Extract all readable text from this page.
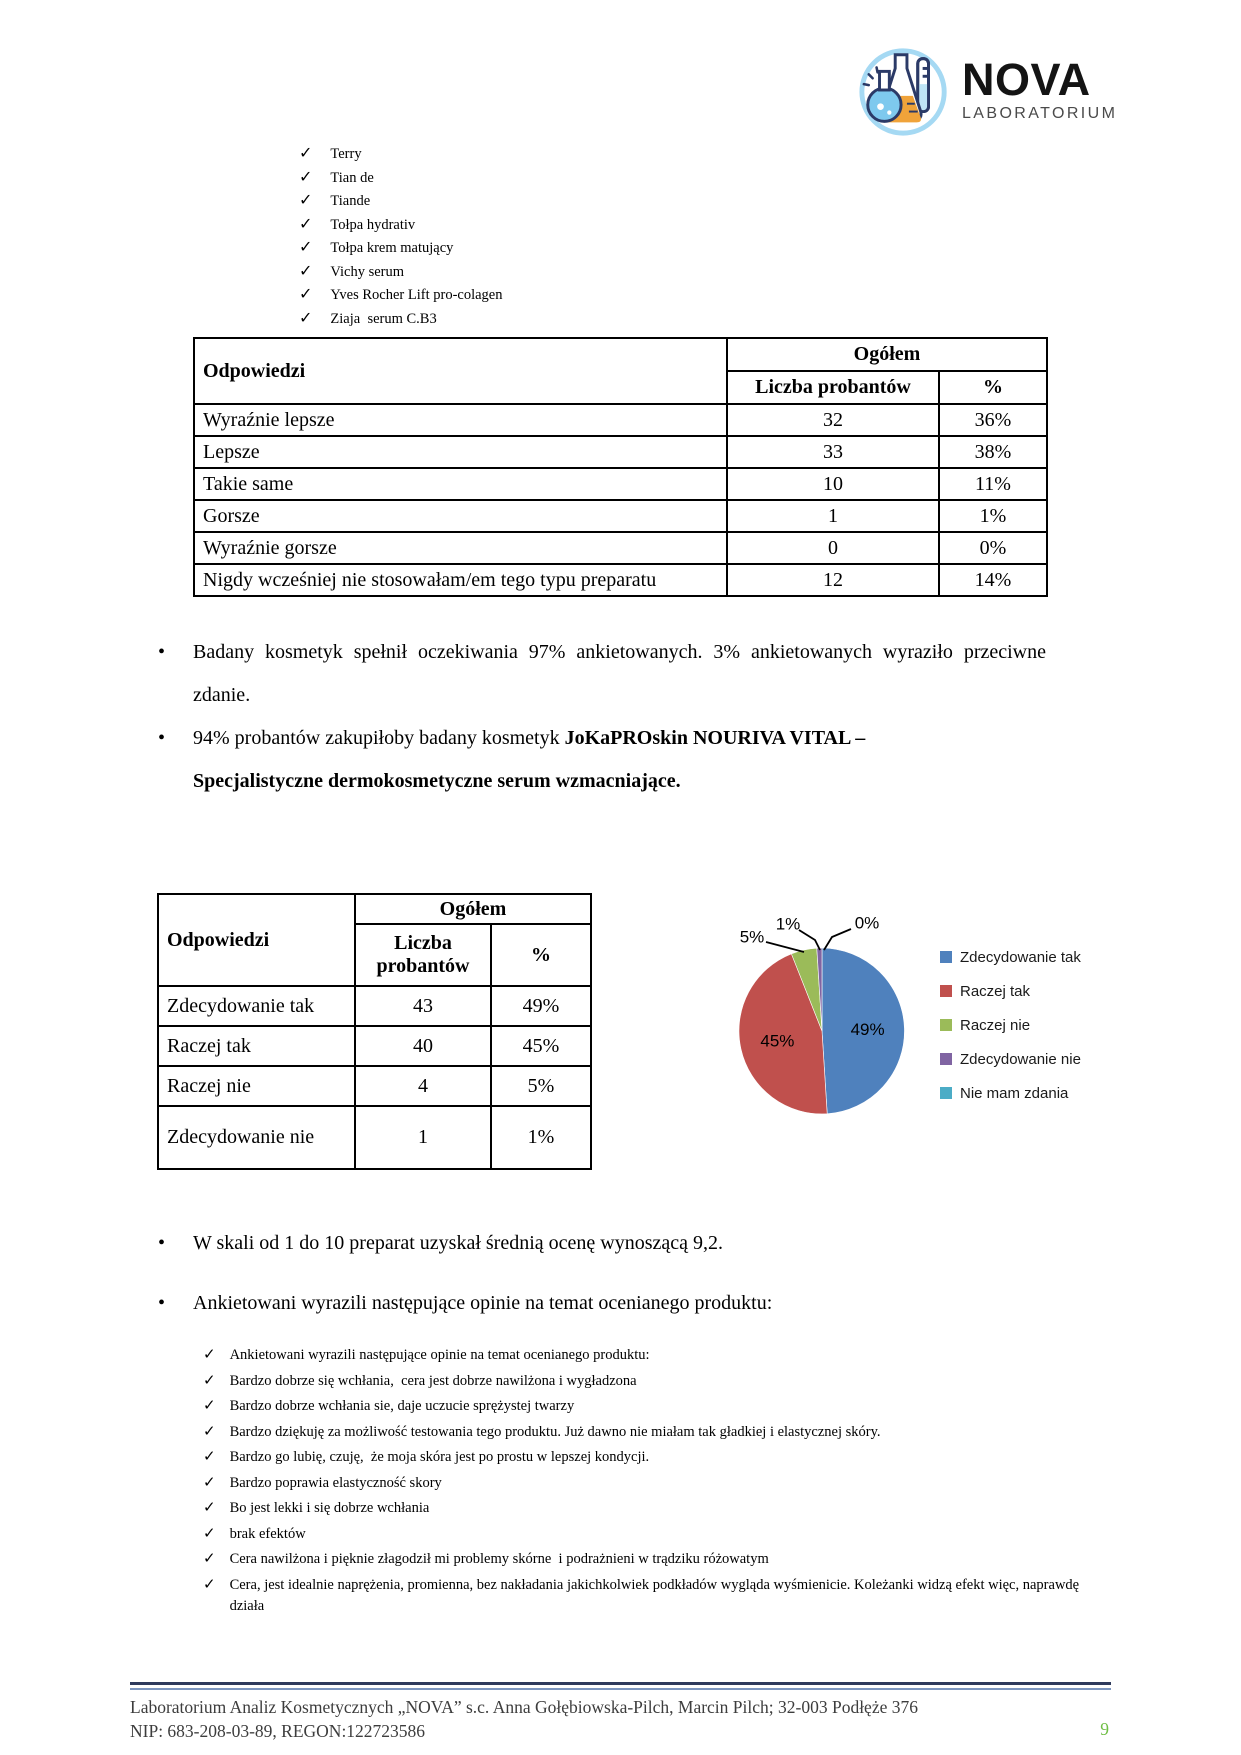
NOVA
LABORATORIUM
✓ Terry
✓ Tian de
✓ Tiande
✓ Tołpa hydrativ
✓ Tołpa krem matujący
✓ Vichy serum
✓ Yves Rocher Lift pro-colagen
✓ Ziaja  serum C.B3
Odpowiedzi	Ogółem	
	Liczba probantów	%
Wyraźnie lepsze	32	36%
Lepsze	33	38%
Takie same	10	11%
Gorsze	1	1%
Wyraźnie gorsze	0	0%
Nigdy wcześniej nie stosowałam/em tego typu preparatu	12	14%
•	Badany kosmetyk spełnił oczekiwania 97% ankietowanych. 3% ankietowanych wyraziło przeciwne zdanie.
•	94% probantów zakupiłoby badany kosmetyk JoKaPROskin NOURIVA VITAL –
Specjalistyczne dermokosmetyczne serum wzmacniające.
Odpowiedzi	Ogółem	
	Liczba probantów	%
Zdecydowanie tak	43	49%
Raczej tak	40	45%
Raczej nie	4	5%
Zdecydowanie nie	1	1%
49%
45%
5%
1%	0%
Zdecydowanie tak
Raczej tak
Raczej nie
Zdecydowanie nie
Nie mam zdania
•	W skali od 1 do 10 preparat uzyskał średnią ocenę wynoszącą 9,2.
•	Ankietowani wyrazili następujące opinie na temat ocenianego produktu:
✓ Ankietowani wyrazili następujące opinie na temat ocenianego produktu:
✓ Bardzo dobrze się wchłania,  cera jest dobrze nawilżona i wygładzona
✓ Bardzo dobrze wchłania sie, daje uczucie sprężystej twarzy
✓ Bardzo dziękuję za możliwość testowania tego produktu. Już dawno nie miałam tak gładkiej i elastycznej skóry.
✓ Bardzo go lubię, czuję,  że moja skóra jest po prostu w lepszej kondycji.
✓ Bardzo poprawia elastyczność skory
✓ Bo jest lekki i się dobrze wchłania
✓ brak efektów
✓ Cera nawilżona i pięknie złagodził mi problemy skórne  i podrażnieni w trądziku różowatym
✓ Cera, jest idealnie naprężenia, promienna, bez nakładania jakichkolwiek podkładów wygląda wyśmienicie. Koleżanki widzą efekt więc, naprawdę działa
Laboratorium Analiz Kosmetycznych „NOVA” s.c. Anna Gołębiowska-Pilch, Marcin Pilch; 32-003 Podłęże 376
NIP: 683-208-03-89, REGON:122723586	9
